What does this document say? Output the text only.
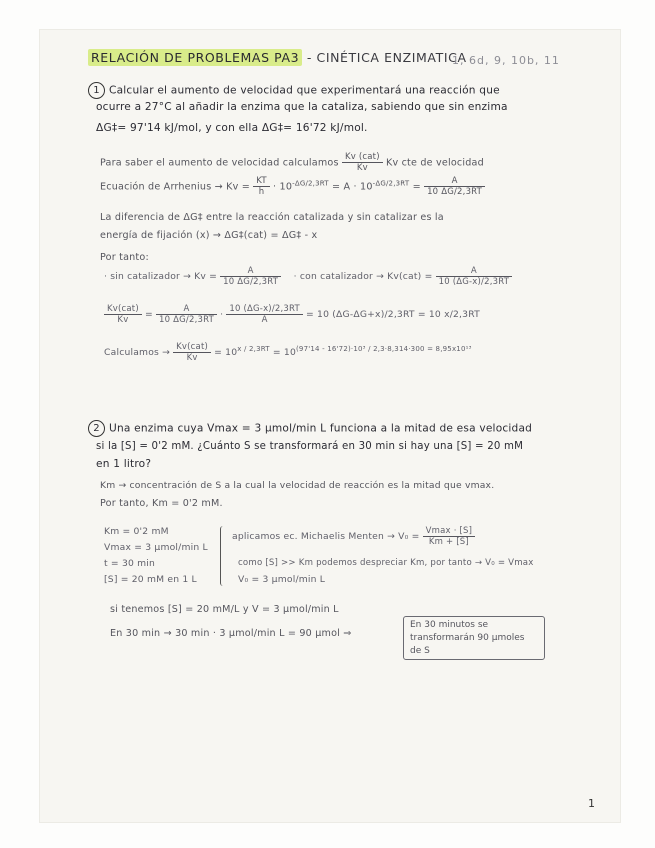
RELACIÓN DE PROBLEMAS PA3 - CINÉTICA ENZIMATICA
1, 6d, 9, 10b, 11
1 Calcular el aumento de velocidad que experimentará una reacción que
ocurre a 27°C al añadir la enzima que la cataliza, sabiendo que sin enzima
ΔG‡= 97'14 kJ/mol, y con ella ΔG‡= 16'72 kJ/mol.
Para saber el aumento de velocidad calculamos $\frac{\text{Kv (cat)}}{Kv}$ Kv cte de velocidad
Ecuación de Arrhenius → $Kv = \frac{KT}{h} \cdot 10^{-\Delta G/2,3RT} = A \cdot 10^{-\Delta G/2,3RT} = \frac{A}{10 \Delta G/2,3RT}$
La diferencia de ΔG‡ entre la reacción catalizada y sin catalizar es la
energía de fijación (x) → ΔG‡(cat) = ΔG‡ - x
Por tanto:
· sin catalizador → $Kv = \frac{A}{10 \Delta G/2,3RT}$ · con catalizador → $Kv(cat) = \frac{A}{10 (\Delta G-x)/2,3RT}$
$\frac{\text{Kv(cat)}}{Kv} = \frac{A}{10 \Delta G/2,3RT} \cdot \frac{10 (\Delta G-x)/2,3RT}{A} = 10$ (ΔG-ΔG+x)/2,3RT = 10 x/2,3RT
Calculamos → $\frac{\text{Kv(cat)}}{Kv} = 10^{x / 2,3RT} = 10^{(97'14 - 16'72)\cdot 10^3 / 2,3\cdot 8,314\cdot 300 = 8,95x10^{13}}$
2 Una enzima cuya Vmax = 3 μmol/min L funciona a la mitad de esa velocidad
si la [S] = 0'2 mM. ¿Cuánto S se transformará en 30 min si hay una [S] = 20 mM
en 1 litro?
Km → concentración de S a la cual la velocidad de reacción es la mitad que vmax.
Por tanto, Km = 0'2 mM.
Km = 0'2 mM
Vmax = 3 μmol/min L
t = 30 min
[S] = 20 mM en 1 L
aplicamos ec. Michaelis Menten → $V_0 = \frac{Vmax \cdot [S]}{Km + [S]}$
como [S] >> Km podemos despreciar Km, por tanto → V₀ = Vmax
V₀ = 3 μmol/min L
si tenemos [S] = 20 mM/L y V = 3 μmol/min L
En 30 min → 30 min · 3 μmol/min L = 90 μmol ⇒
En 30 minutos se transformarán 90 μmoles de S
1
